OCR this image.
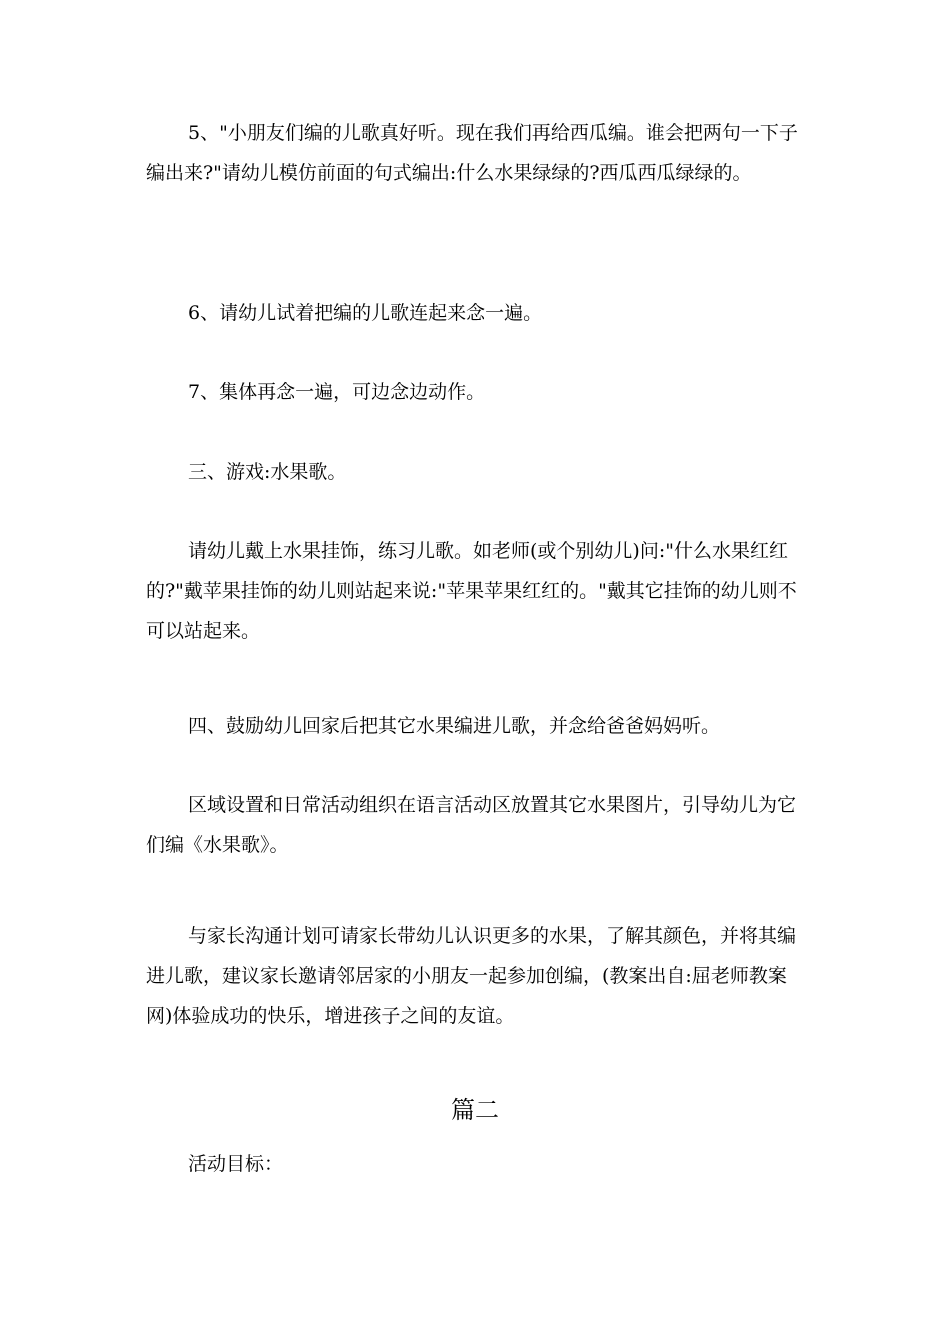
5、"小朋友们编的儿歌真好听。现在我们再给西瓜编。谁会把两句一下子编出来?"请幼儿模仿前面的句式编出:什么水果绿绿的?西瓜西瓜绿绿的。

6、请幼儿试着把编的儿歌连起来念一遍。

7、集体再念一遍，可边念边动作。

三、游戏:水果歌。

请幼儿戴上水果挂饰，练习儿歌。如老师(或个别幼儿)问:"什么水果红红的?"戴苹果挂饰的幼儿则站起来说:"苹果苹果红红的。"戴其它挂饰的幼儿则不可以站起来。

四、鼓励幼儿回家后把其它水果编进儿歌，并念给爸爸妈妈听。

区域设置和日常活动组织在语言活动区放置其它水果图片，引导幼儿为它们编《水果歌》。

与家长沟通计划可请家长带幼儿认识更多的水果，了解其颜色，并将其编进儿歌，建议家长邀请邻居家的小朋友一起参加创编，(教案出自:屈老师教案网)体验成功的快乐，增进孩子之间的友谊。

篇二

活动目标：
